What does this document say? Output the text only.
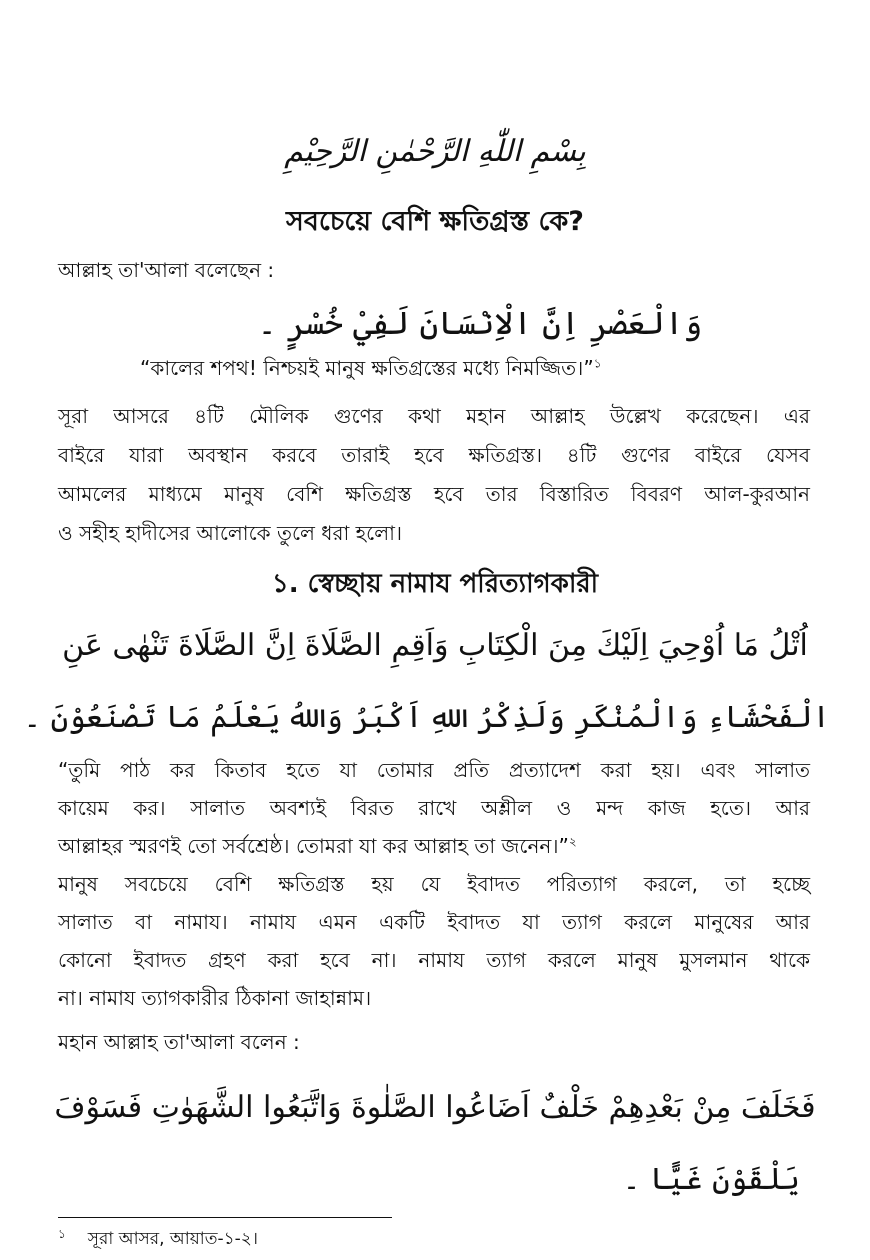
بِسْمِ اللّٰهِ الرَّحْمٰنِ الرَّحِيْمِ
সবচেয়ে বেশি ক্ষতিগ্রস্ত কে?
আল্লাহ তা'আলা বলেছেন :
وَالْعَصْرِ اِنَّ الْاِنْسَانَ لَفِيْ خُسْرٍ ۔
“কালের শপথ! নিশ্চয়ই মানুষ ক্ষতিগ্রস্তের মধ্যে নিমজ্জিত।”$^১$
সূরা আসরে ৪টি মৌলিক গুণের কথা মহান আল্লাহ উল্লেখ করেছেন। এর
বাইরে যারা অবস্থান করবে তারাই হবে ক্ষতিগ্রস্ত। ৪টি গুণের বাইরে যেসব
আমলের মাধ্যমে মানুষ বেশি ক্ষতিগ্রস্ত হবে তার বিস্তারিত বিবরণ আল-কুরআন
ও সহীহ হাদীসের আলোকে তুলে ধরা হলো।
১. স্বেচ্ছায় নামায পরিত্যাগকারী
اُتْلُ مَا اُوْحِيَ اِلَيْكَ مِنَ الْكِتَابِ وَاَقِمِ الصَّلَاةَ اِنَّ الصَّلَاةَ تَنْهٰى عَنِ
الْفَحْشَاءِ وَالْمُنْكَرِ وَلَذِكْرُ اللهِ اَكْبَرُ وَاللهُ يَعْلَمُ مَا تَصْنَعُوْنَ ۔
“তুমি পাঠ কর কিতাব হতে যা তোমার প্রতি প্রত্যাদেশ করা হয়। এবং সালাত
কায়েম কর। সালাত অবশ্যই বিরত রাখে অশ্লীল ও মন্দ কাজ হতে। আর
আল্লাহর স্মরণই তো সর্বশ্রেষ্ঠ। তোমরা যা কর আল্লাহ তা জনেন।”$^২$
মানুষ সবচেয়ে বেশি ক্ষতিগ্রস্ত হয় যে ইবাদত পরিত্যাগ করলে, তা হচ্ছে
সালাত বা নামায। নামায এমন একটি ইবাদত যা ত্যাগ করলে মানুষের আর
কোনো ইবাদত গ্রহণ করা হবে না। নামায ত্যাগ করলে মানুষ মুসলমান থাকে
না। নামায ত্যাগকারীর ঠিকানা জাহান্নাম।
মহান আল্লাহ তা'আলা বলেন :
فَخَلَفَ مِنْ بَعْدِهِمْ خَلْفٌ اَضَاعُوا الصَّلٰوةَ وَاتَّبَعُوا الشَّهَوٰتِ فَسَوْفَ
يَلْقَوْنَ غَيًّا ۔
$^১$ সূরা আসর, আয়াত-১-২।
